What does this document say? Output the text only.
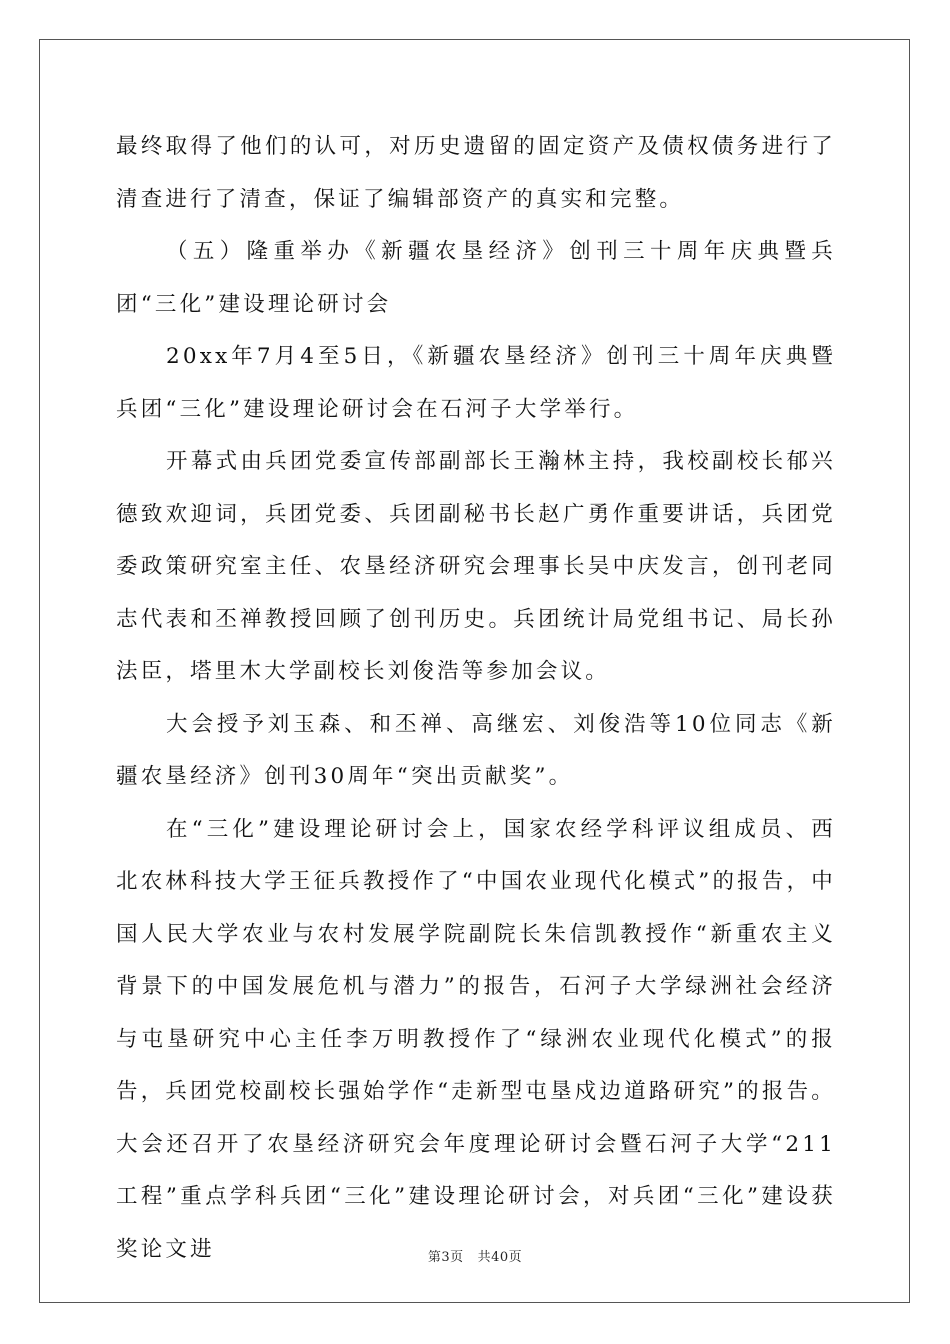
最终取得了他们的认可，对历史遗留的固定资产及债权债务进行了清查进行了清查，保证了编辑部资产的真实和完整。

（五）隆重举办《新疆农垦经济》创刊三十周年庆典暨兵团“三化”建设理论研讨会

20xx年7月4至5日，《新疆农垦经济》创刊三十周年庆典暨兵团“三化”建设理论研讨会在石河子大学举行。

开幕式由兵团党委宣传部副部长王瀚林主持，我校副校长郁兴德致欢迎词，兵团党委、兵团副秘书长赵广勇作重要讲话，兵团党委政策研究室主任、农垦经济研究会理事长吴中庆发言，创刊老同志代表和丕禅教授回顾了创刊历史。兵团统计局党组书记、局长孙法臣，塔里木大学副校长刘俊浩等参加会议。

大会授予刘玉森、和丕禅、高继宏、刘俊浩等10位同志《新疆农垦经济》创刊30周年“突出贡献奖”。

在“三化”建设理论研讨会上，国家农经学科评议组成员、西北农林科技大学王征兵教授作了“中国农业现代化模式”的报告，中国人民大学农业与农村发展学院副院长朱信凯教授作“新重农主义背景下的中国发展危机与潜力”的报告，石河子大学绿洲社会经济与屯垦研究中心主任李万明教授作了“绿洲农业现代化模式”的报告，兵团党校副校长强始学作“走新型屯垦戍边道路研究”的报告。大会还召开了农垦经济研究会年度理论研讨会暨石河子大学“211工程”重点学科兵团“三化”建设理论研讨会，对兵团“三化”建设获奖论文进	第3页 共40页
